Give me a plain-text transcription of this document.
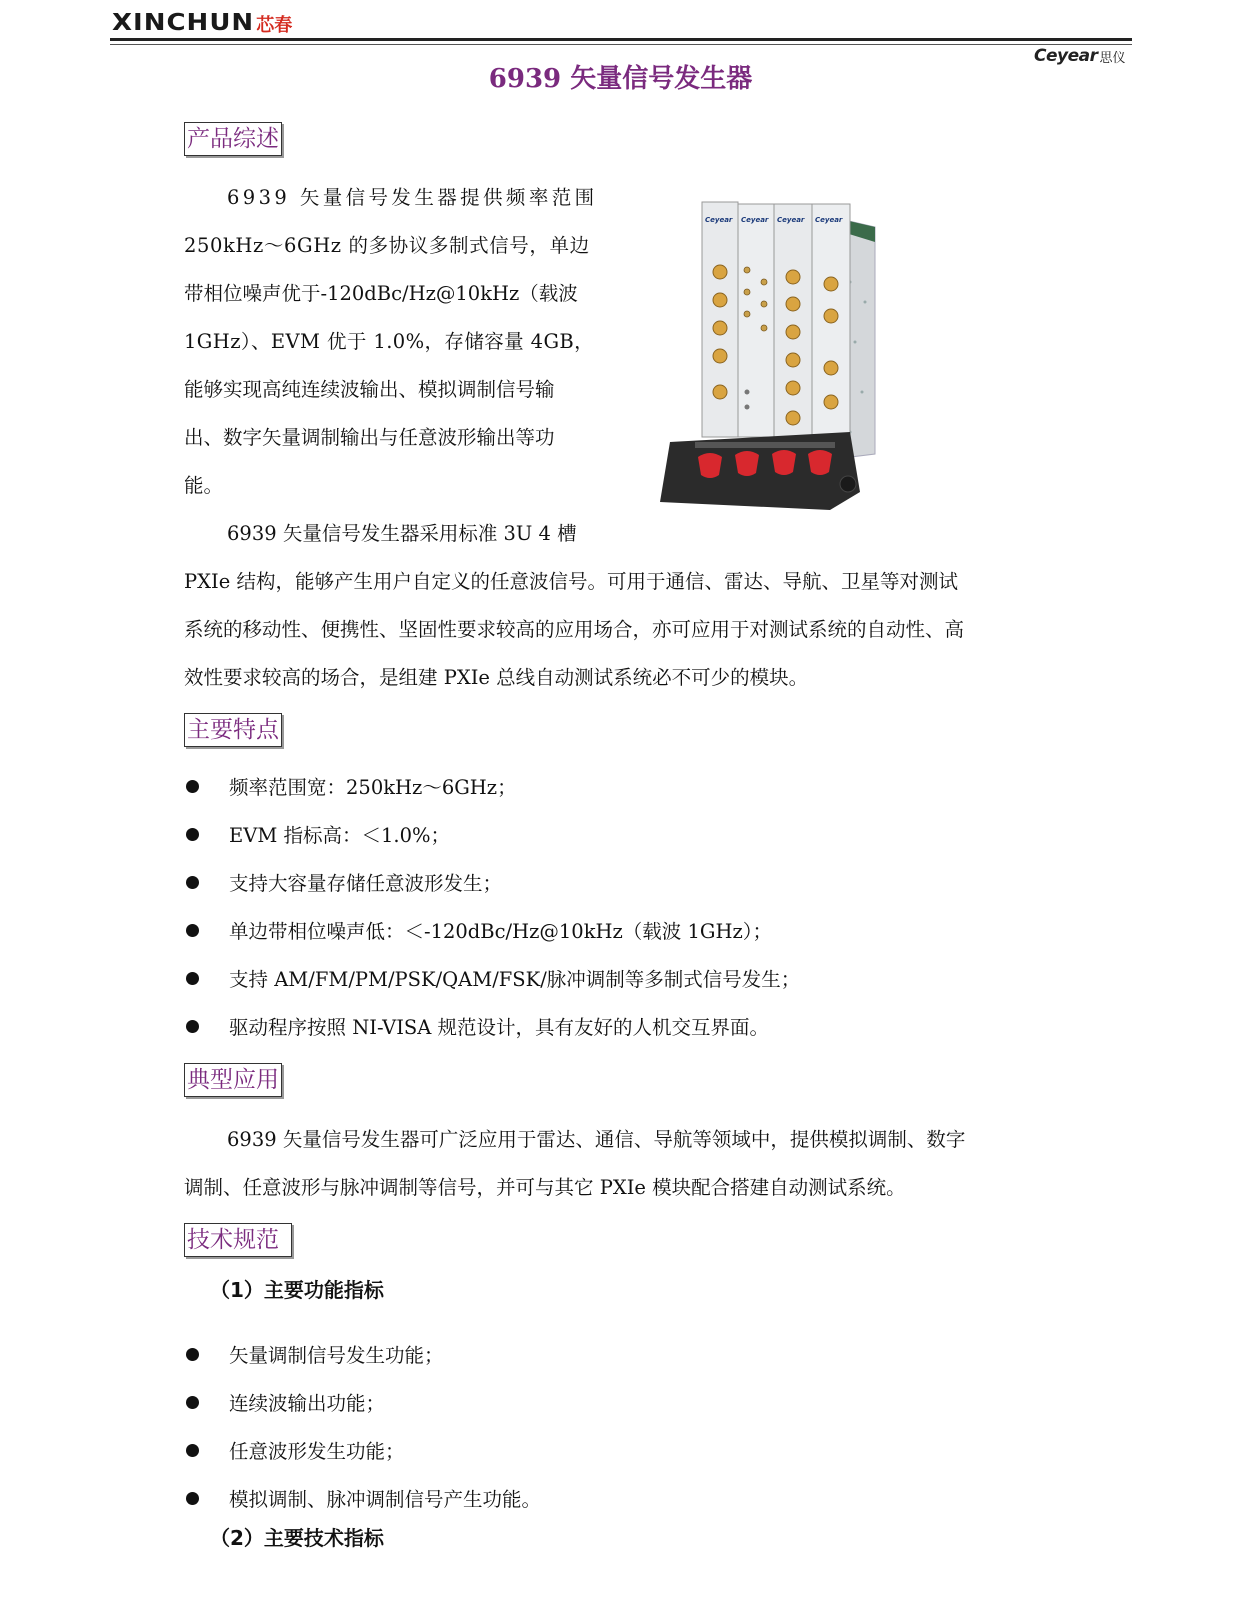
XINCHUN 芯春
Ceyear 思仪
6939 矢量信号发生器
产品综述
6939 矢量信号发生器提供频率范围
250kHz～6GHz 的多协议多制式信号，单边
带相位噪声优于-120dBc/Hz@10kHz（载波
1GHz）、EVM 优于 1.0%，存储容量 4GB，
能够实现高纯连续波输出、模拟调制信号输
出、数字矢量调制输出与任意波形输出等功
能。
6939 矢量信号发生器采用标准 3U 4 槽
PXIe 结构，能够产生用户自定义的任意波信号。可用于通信、雷达、导航、卫星等对测试
系统的移动性、便携性、坚固性要求较高的应用场合，亦可应用于对测试系统的自动性、高
效性要求较高的场合，是组建 PXIe 总线自动测试系统必不可少的模块。
Ceyear Ceyear Ceyear Ceyear
主要特点
频率范围宽：250kHz～6GHz；
EVM 指标高：＜1.0%；
支持大容量存储任意波形发生；
单边带相位噪声低：＜-120dBc/Hz@10kHz（载波 1GHz）；
支持 AM/FM/PM/PSK/QAM/FSK/脉冲调制等多制式信号发生；
驱动程序按照 NI-VISA 规范设计，具有友好的人机交互界面。
典型应用
6939 矢量信号发生器可广泛应用于雷达、通信、导航等领域中，提供模拟调制、数字
调制、任意波形与脉冲调制等信号，并可与其它 PXIe 模块配合搭建自动测试系统。
技术规范
（1）主要功能指标
矢量调制信号发生功能；
连续波输出功能；
任意波形发生功能；
模拟调制、脉冲调制信号产生功能。
（2）主要技术指标
